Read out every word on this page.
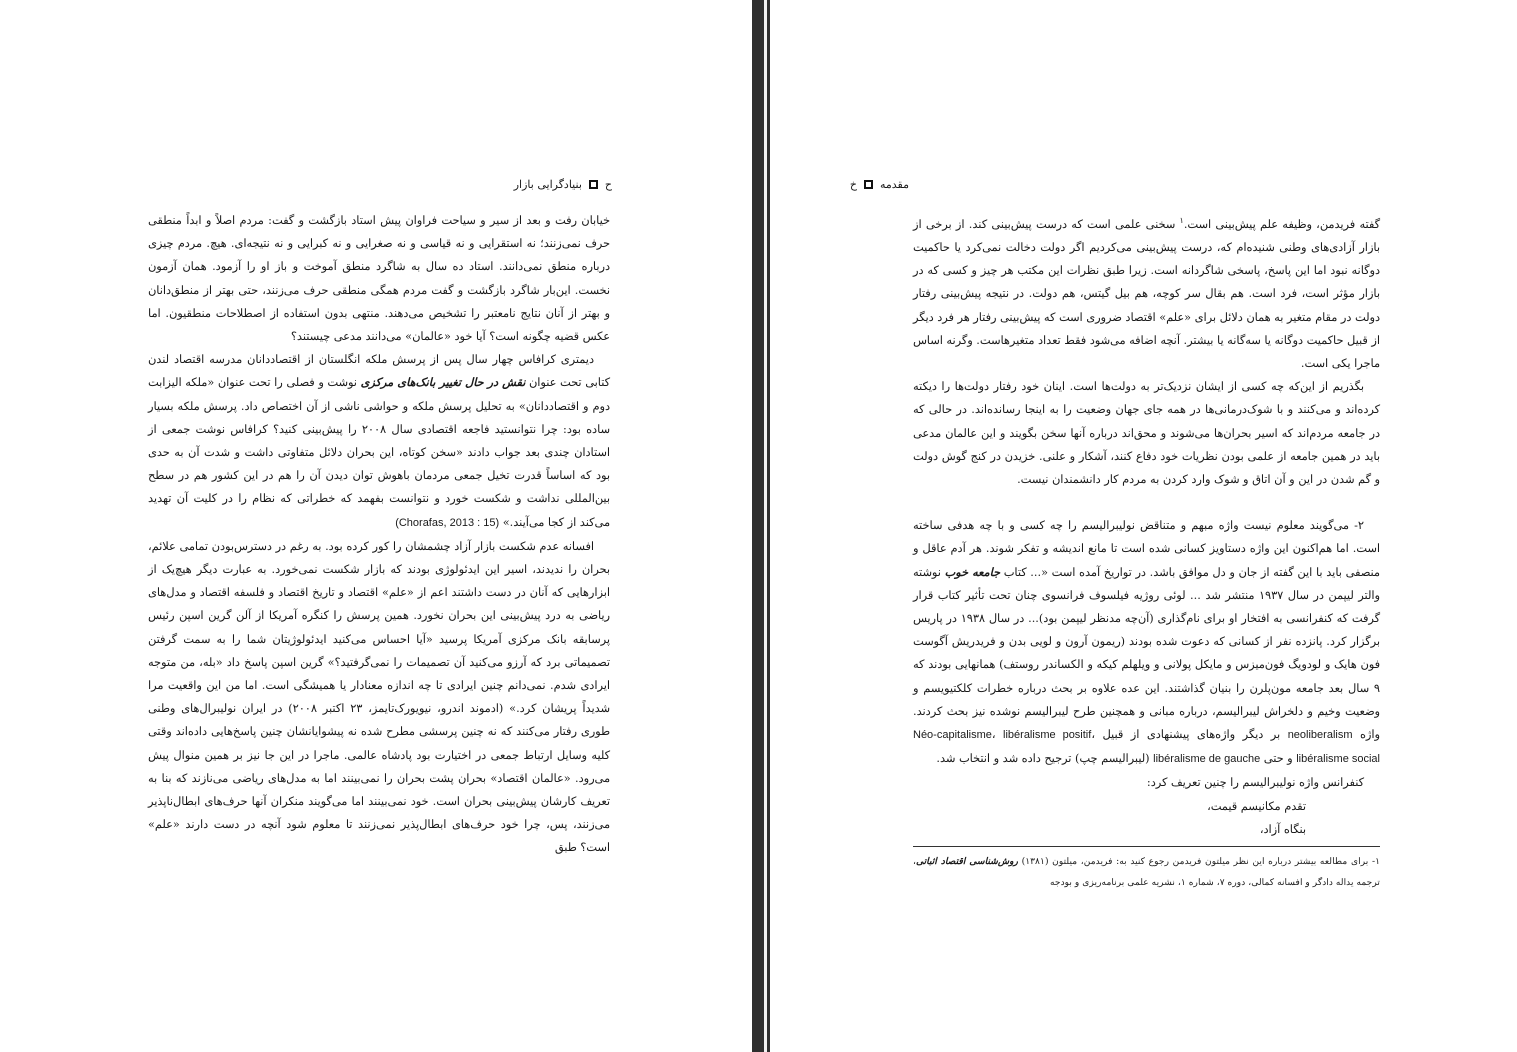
ح
بنیادگرایی بازار

خیابان رفت و بعد از سیر و سیاحت فراوان پیش استاد بازگشت و گفت: مردم اصلاً و ابداً منطقی حرف نمی‌زنند؛ نه استقرایی و نه قیاسی و نه صغرایی و نه کبرایی و نه نتیجه‌ای. هیچ. مردم چیزی درباره منطق نمی‌دانند. استاد ده سال به شاگرد منطق آموخت و باز او را آزمود. همان آزمون نخست. این‌بار شاگرد بازگشت و گفت مردم همگی منطقی حرف می‌زنند، حتی بهتر از منطق‌دانان و بهتر از آنان نتایج نامعتبر را تشخیص می‌دهند. منتهی بدون استفاده از اصطلاحات منطقیون. اما عکس قضیه چگونه است؟ آیا خود «عالمان» می‌دانند مدعی چیستند؟

دیمتری کرافاس چهار سال پس از پرسش ملکه انگلستان از اقتصاددانان مدرسه اقتصاد لندن کتابی تحت عنوان نقش در حال تغییر بانک‌های مرکزی نوشت و فصلی را تحت عنوان «ملکه الیزابت دوم و اقتصاددانان» به تحلیل پرسش ملکه و حواشی ناشی از آن اختصاص داد. پرسش ملکه بسیار ساده بود: چرا نتوانستید فاجعه اقتصادی سال ۲۰۰۸ را پیش‌بینی کنید؟ کرافاس نوشت جمعی از استادان چندی بعد جواب دادند «سخن کوتاه، این بحران دلائل متفاوتی داشت و شدت آن به حدی بود که اساساً قدرت تخیل جمعی مردمان باهوش توان دیدن آن را هم در این کشور هم در سطح بین‌المللی نداشت و شکست خورد و نتوانست بفهمد که خطراتی که نظام را در کلیت آن تهدید می‌کند از کجا می‌آیند.» (Chorafas, 2013 : 15)

افسانه عدم شکست بازار آزاد چشمشان را کور کرده بود. به رغم در دسترس‌بودن تمامی علائم، بحران را ندیدند، اسیر این ایدئولوژی بودند که بازار شکست نمی‌خورد. به عبارت دیگر هیچ‌یک از ابزارهایی که آنان در دست داشتند اعم از «علم» اقتصاد و تاریخ اقتصاد و فلسفه اقتصاد و مدل‌های ریاضی به درد پیش‌بینی این بحران نخورد. همین پرسش را کنگره آمریکا از آلن گرین اسپن رئیس پرسابقه بانک مرکزی آمریکا پرسید «آیا احساس می‌کنید ایدئولوژیتان شما را به سمت گرفتن تصمیماتی برد که آرزو می‌کنید آن تصمیمات را نمی‌گرفتید؟» گرین اسپن پاسخ داد «بله، من متوجه ایرادی شدم. نمی‌دانم چنین ایرادی تا چه اندازه معنادار یا همیشگی است. اما من این واقعیت مرا شدیداً پریشان کرد.» (ادموند اندرو، نیویورک‌تایمز، ۲۳ اکتبر ۲۰۰۸) در ایران نولیبرال‌های وطنی طوری رفتار می‌کنند که نه چنین پرسشی مطرح شده نه پیشوایانشان چنین پاسخ‌هایی داده‌اند وقتی کلیه وسایل ارتباط جمعی در اختیارت بود پادشاه عالمی. ماجرا در این جا نیز بر همین منوال پیش می‌رود. «عالمان اقتصاد» بحران پشت بحران را نمی‌بینند اما به مدل‌های ریاضی می‌نازند که بنا به تعریف کارشان پیش‌بینی بحران است. خود نمی‌بینند اما می‌گویند منکران آنها حرف‌های ابطال‌ناپذیر می‌زنند، پس، چرا خود حرف‌های ابطال‌پذیر نمی‌زنند تا معلوم شود آنچه در دست دارند «علم» است؟ طبق

مقدمه
خ

گفته فریدمن، وظیفه علم پیش‌بینی است.$^۱$ سخنی علمی است که درست پیش‌بینی کند. از برخی از بازار آزادی‌های وطنی شنیده‌ام که، درست پیش‌بینی می‌کردیم اگر دولت دخالت نمی‌کرد یا حاکمیت دوگانه نبود اما این پاسخ، پاسخی شاگردانه است. زیرا طبق نظرات این مکتب هر چیز و کسی که در بازار مؤثر است، فرد است. هم بقال سر کوچه، هم بیل گیتس، هم دولت. در نتیجه پیش‌بینی رفتار دولت در مقام متغیر به همان دلائل برای «علم» اقتصاد ضروری است که پیش‌بینی رفتار هر فرد دیگر از قبیل حاکمیت دوگانه یا سه‌گانه یا بیشتر. آنچه اضافه می‌شود فقط تعداد متغیرهاست. وگرنه اساس ماجرا یکی است.

بگذریم از این‌که چه کسی از ایشان نزدیک‌تر به دولت‌ها است. اینان خود رفتار دولت‌ها را دیکته کرده‌اند و می‌کنند و با شوک‌درمانی‌ها در همه جای جهان وضعیت را به اینجا رسانده‌اند. در حالی که در جامعه مردم‌اند که اسیر بحران‌ها می‌شوند و محق‌اند درباره آنها سخن بگویند و این عالمان مدعی باید در همین جامعه از علمی بودن نظریات خود دفاع کنند، آشکار و علنی. خزیدن در کنج گوش دولت و گم شدن در این و آن اتاق و شوک وارد کردن به مردم کار دانشمندان نیست.

۲- می‌گویند معلوم نیست واژه مبهم و متناقض نولیبرالیسم را چه کسی و با چه هدفی ساخته است. اما هم‌اکنون این واژه دستاویز کسانی شده است تا مانع اندیشه و تفکر شوند. هر آدم عاقل و منصفی باید با این گفته از جان و دل موافق باشد. در تواریخ آمده است «... کتاب جامعه خوب نوشته والتر لیپمن در سال ۱۹۳۷ منتشر شد ... لوئی روژیه فیلسوف فرانسوی چنان تحت تأثیر کتاب قرار گرفت که کنفرانسی به افتخار او برای نام‌گذاری (آن‌چه مدنظر لیپمن بود)... در سال ۱۹۳۸ در پاریس برگزار کرد. پانزده نفر از کسانی که دعوت شده بودند (ریمون آرون و لویی بدن و فریدریش آگوست فون هایک و لودویگ فون‌میزس و مایکل پولانی و ویلهلم کیکه و الکساندر روستف) همانهایی بودند که ۹ سال بعد جامعه مون‌پلرن را بنیان گذاشتند. این عده علاوه بر بحث درباره خطرات کلکتیویسم و وضعیت وخیم و دلخراش لیبرالیسم، درباره مبانی و همچنین طرح لیبرالیسم نوشده نیز بحث کردند. واژه neoliberalism بر دیگر واژه‌های پیشنهادی از قبیل Néo-capitalisme، libéralisme positif، libéralisme social و حتی libéralisme de gauche (لیبرالیسم چپ) ترجیح داده شد و انتخاب شد.

کنفرانس واژه نولیبرالیسم را چنین تعریف کرد:

تقدم مکانیسم قیمت،

بنگاه آزاد،

۱- برای مطالعه بیشتر درباره این نظر میلتون فریدمن رجوع کنید به: فریدمن، میلتون (۱۳۸۱) روش‌شناسی اقتصاد اثباتی، ترجمه یداله دادگر و افسانه کمالی، دوره ۷، شماره ۱، نشریه علمی برنامه‌ریزی و بودجه
